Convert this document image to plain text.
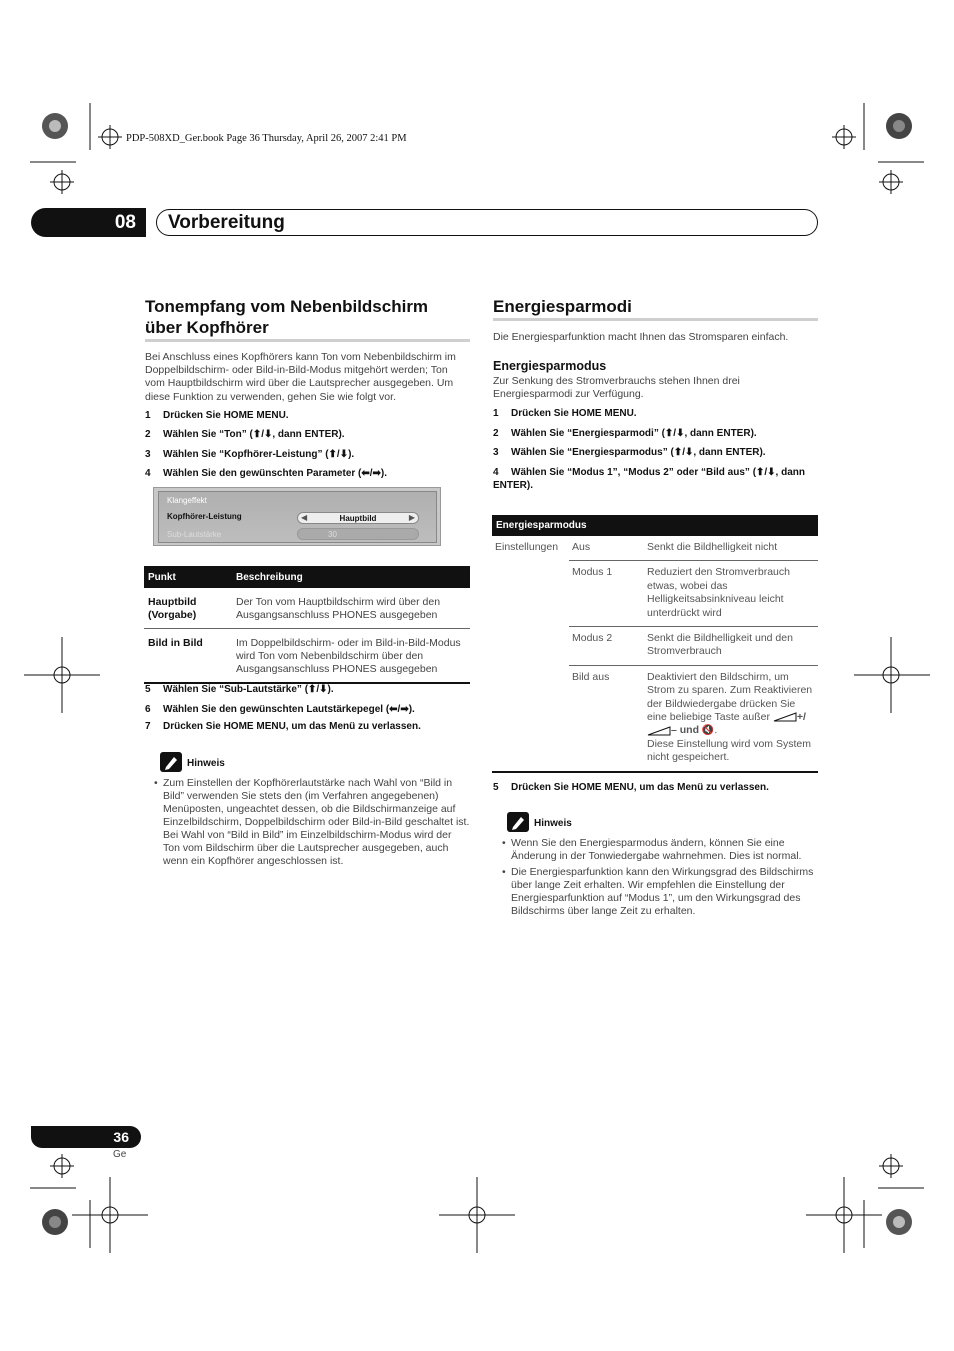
PDP-508XD_Ger.book Page 36 Thursday, April 26, 2007 2:41 PM
08	Vorbereitung
Tonempfang vom Nebenbildschirm
über Kopfhörer

Bei Anschluss eines Kopfhörers kann Ton vom Nebenbildschirm im Doppelbildschirm- oder Bild-in-Bild-Modus mitgehört werden; Ton vom Hauptbildschirm wird über die Lautsprecher ausgegeben. Um diese Funktion zu verwenden, gehen Sie wie folgt vor.

1 Drücken Sie HOME MENU.
2 Wählen Sie “Ton” (⬆/⬇, dann ENTER).
3 Wählen Sie “Kopfhörer-Leistung” (⬆/⬇).
4 Wählen Sie den gewünschten Parameter (⬅/➡).
Klangeffekt
Kopfhörer-Leistung	◀	Hauptbild	▶
Sub-Lautstärke	30
Punkt	Beschreibung
Hauptbild (Vorgabe)	Der Ton vom Hauptbildschirm wird über den Ausgangsanschluss PHONES ausgegeben
Bild in Bild	Im Doppelbildschirm- oder im Bild-in-Bild-Modus wird Ton vom Nebenbildschirm über den Ausgangsanschluss PHONES ausgegeben
5 Wählen Sie “Sub-Lautstärke” (⬆/⬇).
6 Wählen Sie den gewünschten Lautstärkepegel (⬅/➡).
7 Drücken Sie HOME MENU, um das Menü zu verlassen.
Hinweis
• Zum Einstellen der Kopfhörerlautstärke nach Wahl von “Bild in Bild” verwenden Sie stets den (im Verfahren angegebenen) Menüposten, ungeachtet dessen, ob die Bildschirmanzeige auf Einzelbildschirm, Doppelbildschirm oder Bild-in-Bild geschaltet ist. Bei Wahl von “Bild in Bild” im Einzelbildschirm-Modus wird der Ton vom Bildschirm über die Lautsprecher ausgegeben, auch wenn ein Kopfhörer angeschlossen ist.
Energiesparmodi

Die Energiesparfunktion macht Ihnen das Stromsparen einfach.

Energiesparmodus

Zur Senkung des Stromverbrauchs stehen Ihnen drei Energiesparmodi zur Verfügung.

1 Drücken Sie HOME MENU.
2 Wählen Sie “Energiesparmodi” (⬆/⬇, dann ENTER).
3 Wählen Sie “Energiesparmodus” (⬆/⬇, dann ENTER).
4 Wählen Sie “Modus 1”, “Modus 2” oder “Bild aus” (⬆/⬇, dann ENTER).
Energiesparmodus		
Einstellungen	Aus	Senkt die Bildhelligkeit nicht
	Modus 1	Reduziert den Stromverbrauch etwas, wobei das Helligkeitsabsinkniveau leicht unterdrückt wird
	Modus 2	Senkt die Bildhelligkeit und den Stromverbrauch
	Bild aus	Deaktiviert den Bildschirm, um Strom zu sparen. Zum Reaktivieren der Bildwiedergabe drücken Sie eine beliebige Taste außer +/ – und 🔇.
Diese Einstellung wird vom System nicht gespeichert.
5 Drücken Sie HOME MENU, um das Menü zu verlassen.
Hinweis
• Wenn Sie den Energiesparmodus ändern, können Sie eine Änderung in der Tonwiedergabe wahrnehmen. Dies ist normal.
• Die Energiesparfunktion kann den Wirkungsgrad des Bildschirms über lange Zeit erhalten. Wir empfehlen die Einstellung der Energiesparfunktion auf “Modus 1”, um den Wirkungsgrad des Bildschirms über lange Zeit zu erhalten.
36
Ge
